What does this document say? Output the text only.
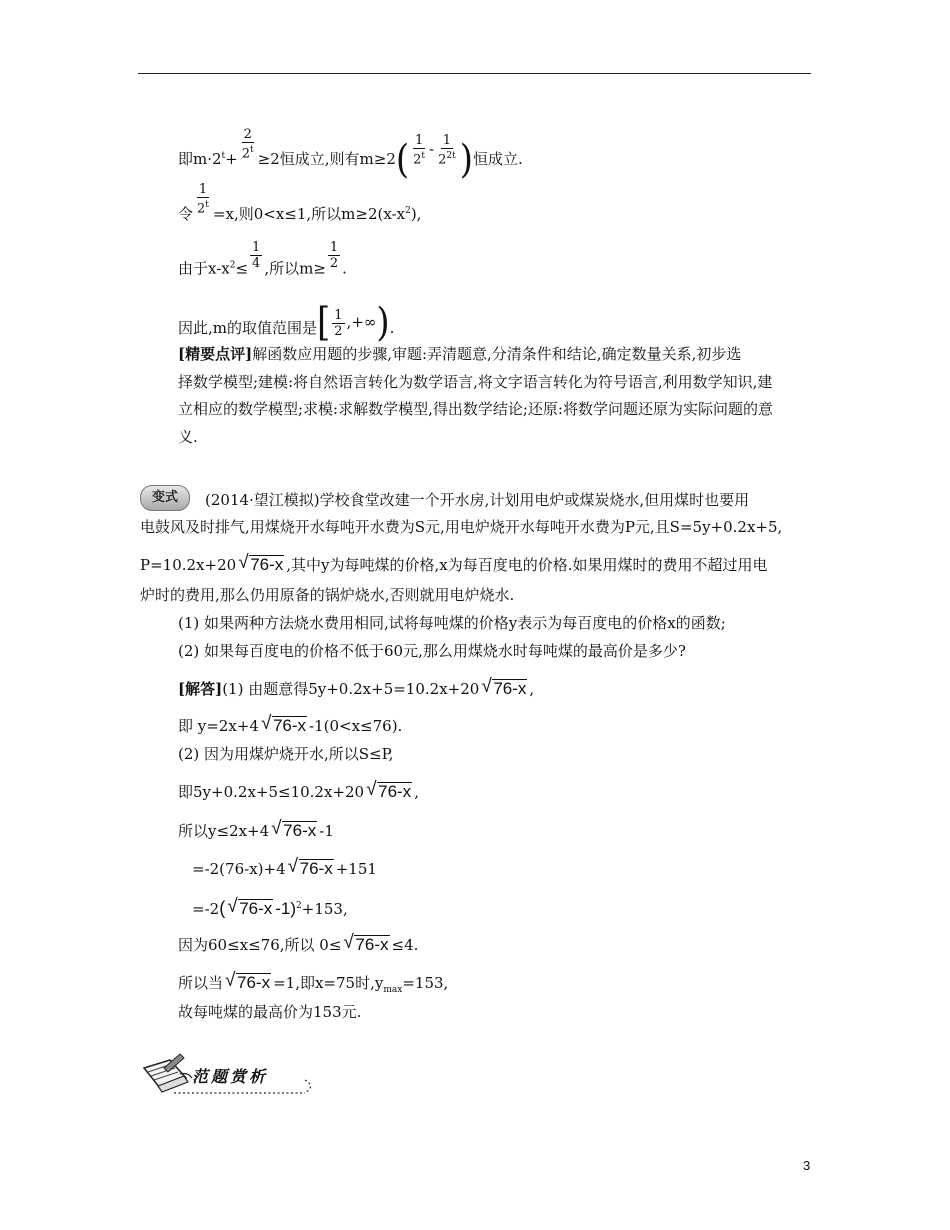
即$m\cdot 2^t+ \frac{2}{2^t} \ge 2$恒成立,则有$m\ge 2( \frac{1}{2^t} - \frac{1}{2^{2t}}$ )恒成立.
令 $\frac{1}{2^t} =x$,则0<x≤1,所以$m\ge 2(x-x^2)$,
由于$x-x^2\le \frac{1}{4}$ ,所以$m\ge \frac{1}{2}$ .
因此,m的取值范围是[ $\frac{1}{2}$ ,+∞).
[精要点评]解函数应用题的步骤,审题:弄清题意,分清条件和结论,确定数量关系,初步选
择数学模型;建模:将自然语言转化为数学语言,将文字语言转化为符号语言,利用数学知识,建
立相应的数学模型;求模:求解数学模型,得出数学结论;还原:将数学问题还原为实际问题的意
义.
变式	(2014·望江模拟)学校食堂改建一个开水房,计划用电炉或煤炭烧水,但用煤时也要用
电鼓风及时排气,用煤烧开水每吨开水费为S元,用电炉烧开水每吨开水费为P元,且S=5y+0.2x+5,
P=10.2x+20 √ 76-x ,其中y为每吨煤的价格,x为每百度电的价格.如果用煤时的费用不超过用电
炉时的费用,那么仍用原备的锅炉烧水,否则就用电炉烧水.
(1) 如果两种方法烧水费用相同,试将每吨煤的价格y表示为每百度电的价格x的函数;
(2) 如果每百度电的价格不低于60元,那么用煤烧水时每吨煤的最高价是多少?
[解答](1) 由题意得5y+0.2x+5=10.2x+20 √ 76-x ,
即 y=2x+4 √ 76-x -1(0<x≤76).
(2) 因为用煤炉烧开水,所以S≤P,
即5y+0.2x+5≤10.2x+20 √ 76-x ,
所以y≤2x+4 √ 76-x -1
=-2(76-x)+4 √ 76-x +151
=-2( √ 76-x -1)$^2$+153,
因为60≤x≤76,所以 0≤ √ 76-x ≤4.
所以当 √ 76-x =1,即x=75时$,y_{max}=153$,
故每吨煤的最高价为153元.
范题赏析
3
